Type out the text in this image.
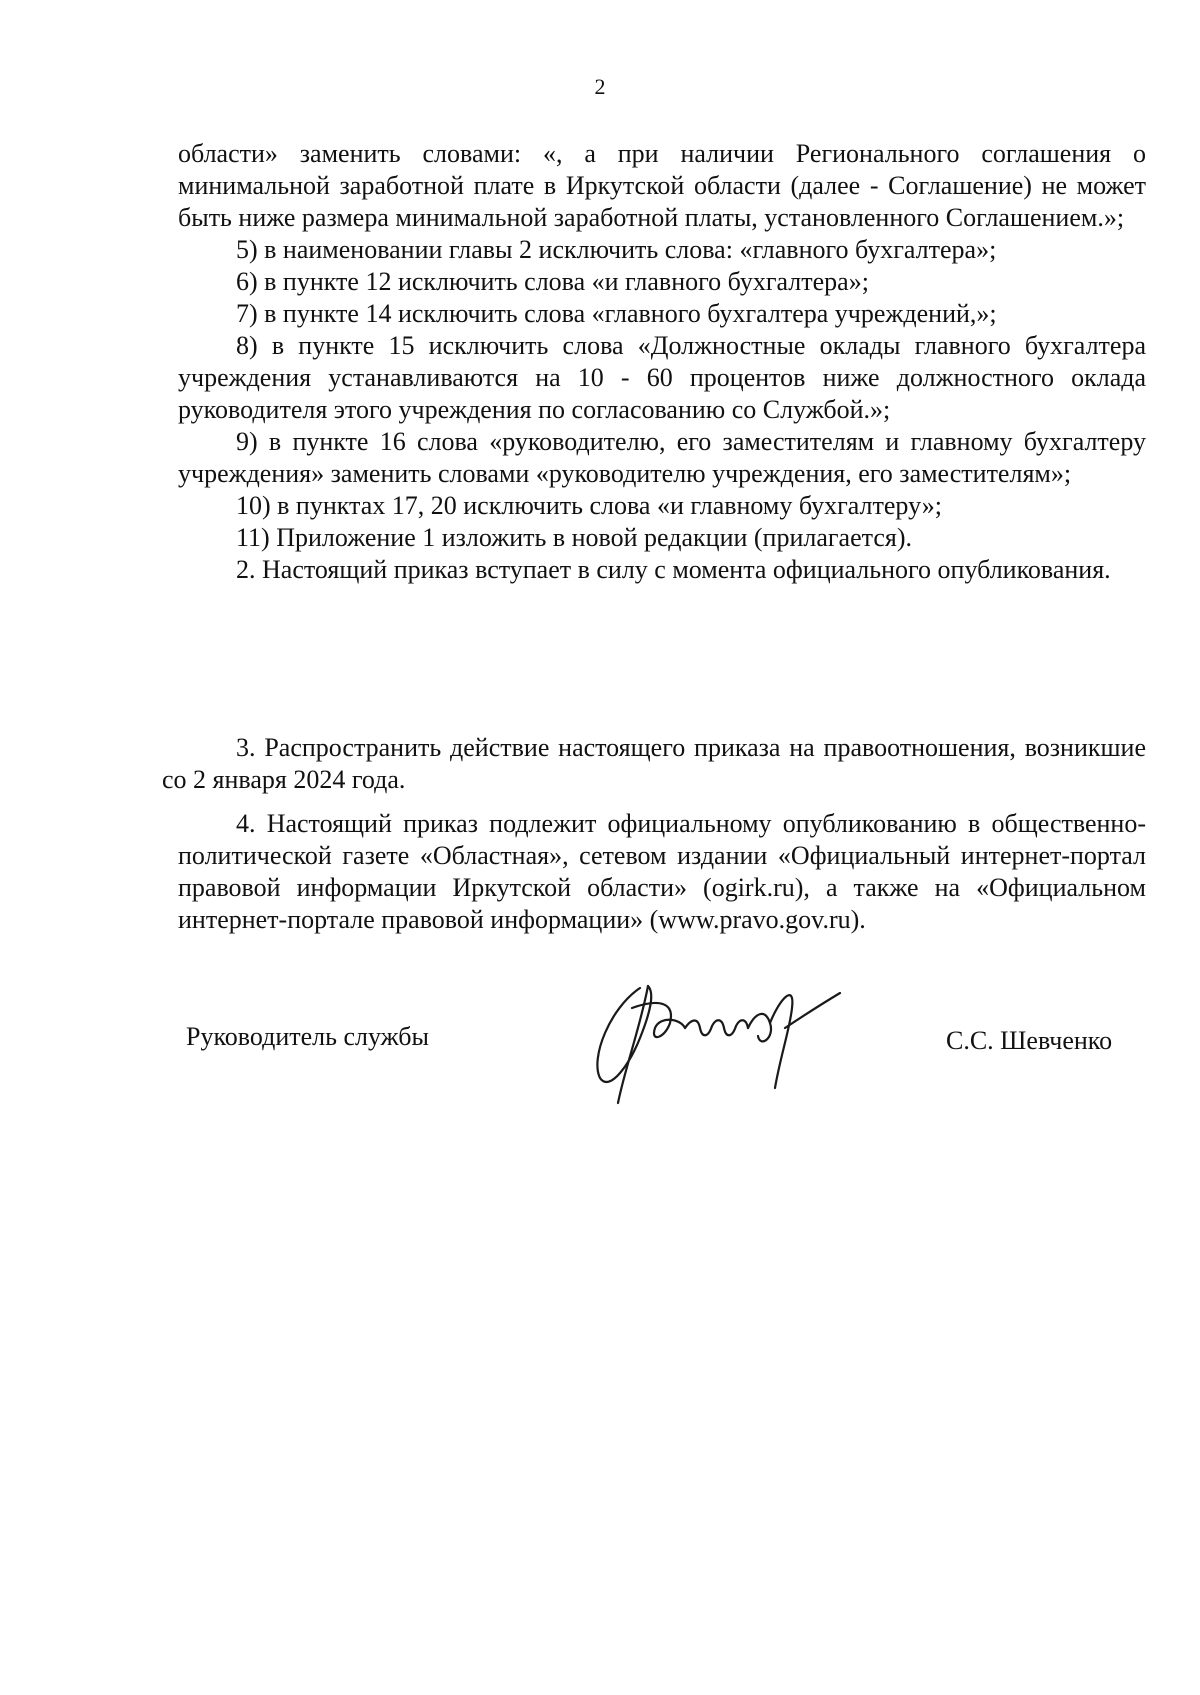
2

области» заменить словами: «, а при наличии Регионального соглашения о минимальной заработной плате в Иркутской области (далее - Соглашение) не может быть ниже размера минимальной заработной платы, установленного Соглашением.»;

5) в наименовании главы 2 исключить слова: «главного бухгалтера»;

6) в пункте 12 исключить слова «и главного бухгалтера»;

7) в пункте 14 исключить слова «главного бухгалтера учреждений,»;

8) в пункте 15 исключить слова «Должностные оклады главного бухгалтера учреждения устанавливаются на 10 - 60 процентов ниже должностного оклада руководителя этого учреждения по согласованию со Службой.»;

9) в пункте 16 слова «руководителю, его заместителям и главному бухгалтеру учреждения» заменить словами «руководителю учреждения, его заместителям»;

10) в пунктах 17, 20 исключить слова «и главному бухгалтеру»;

11) Приложение 1 изложить в новой редакции (прилагается).

2. Настоящий приказ вступает в силу с момента официального опубликования.

3. Распространить действие настоящего приказа на правоотношения, возникшие со 2 января 2024 года.

4. Настоящий приказ подлежит официальному опубликованию в общественно-политической газете «Областная», сетевом издании «Официальный интернет-портал правовой информации Иркутской области» (ogirk.ru), а также на «Официальном интернет-портале правовой информации» (www.pravo.gov.ru).

Руководитель службы	С.С. Шевченко
